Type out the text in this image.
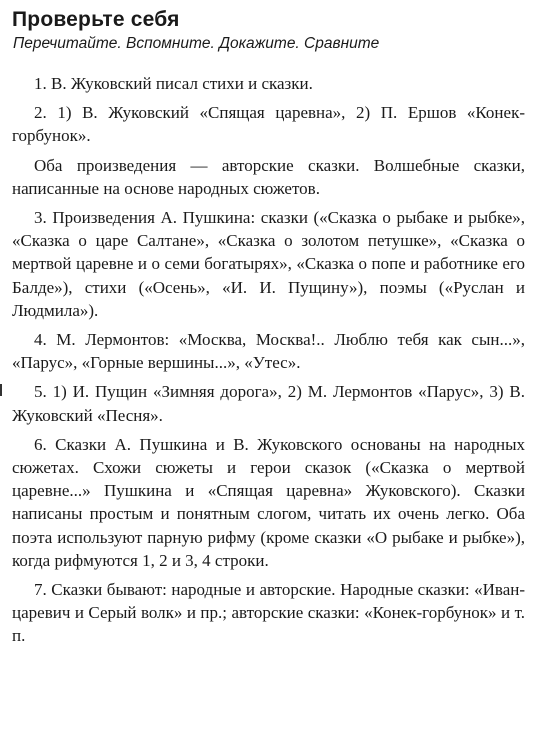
Проверьте себя
Перечитайте. Вспомните. Докажите. Сравните

1. В. Жуковский писал стихи и сказки.

2. 1) В. Жуковский «Спящая царевна», 2) П. Ершов «Конек-горбунок».

Оба произведения — авторские сказки. Волшебные сказки, написанные на основе народных сюжетов.

3. Произведения А. Пушкина: сказки («Сказка о рыбаке и рыбке», «Сказка о царе Салтане», «Сказка о золотом петушке», «Сказка о мертвой царевне и о семи богатырях», «Сказка о попе и работнике его Балде»), стихи («Осень», «И. И. Пущину»), поэмы («Руслан и Людмила»).

4. М. Лермонтов: «Москва, Москва!.. Люблю тебя как сын...», «Парус», «Горные вершины...», «Утес».

5. 1) И. Пущин «Зимняя дорога», 2) М. Лермонтов «Парус», 3) В. Жуковский «Песня».

6. Сказки А. Пушкина и В. Жуковского основаны на народных сюжетах. Схожи сюжеты и герои сказок («Сказка о мертвой царевне...» Пушкина и «Спящая царевна» Жуковского). Сказки написаны простым и понятным слогом, читать их очень легко. Оба поэта используют парную рифму (кроме сказки «О рыбаке и рыбке»), когда рифмуются 1, 2 и 3, 4 строки.

7. Сказки бывают: народные и авторские. Народные сказки: «Иван-царевич и Серый волк» и пр.; авторские сказки: «Конек-горбунок» и т. п.
